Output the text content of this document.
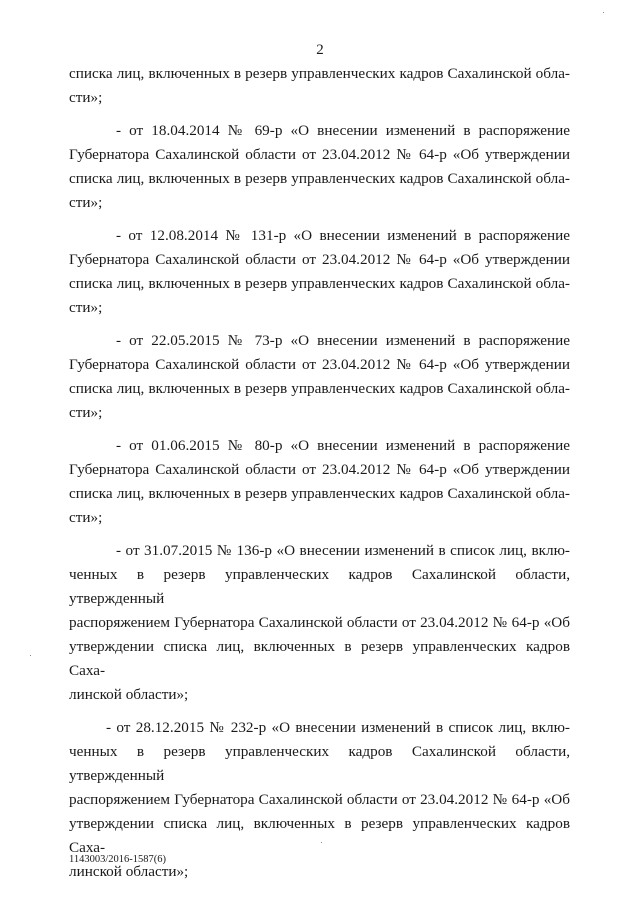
2

списка лиц, включенных в резерв управленческих кадров Сахалинской обла-
сти»;

- от 18.04.2014 № 69-р «О внесении изменений в распоряжение
Губернатора Сахалинской области от 23.04.2012 № 64-р «Об утверждении
списка лиц, включенных в резерв управленческих кадров Сахалинской обла-
сти»;

- от 12.08.2014 № 131-р «О внесении изменений в распоряжение
Губернатора Сахалинской области от 23.04.2012 № 64-р «Об утверждении
списка лиц, включенных в резерв управленческих кадров Сахалинской обла-
сти»;

- от 22.05.2015 № 73-р «О внесении изменений в распоряжение
Губернатора Сахалинской области от 23.04.2012 № 64-р «Об утверждении
списка лиц, включенных в резерв управленческих кадров Сахалинской обла-
сти»;

- от 01.06.2015 № 80-р «О внесении изменений в распоряжение
Губернатора Сахалинской области от 23.04.2012 № 64-р «Об утверждении
списка лиц, включенных в резерв управленческих кадров Сахалинской обла-
сти»;

- от 31.07.2015 № 136-р «О внесении изменений в список лиц, вклю-
ченных в резерв управленческих кадров Сахалинской области, утвержденный
распоряжением Губернатора Сахалинской области от 23.04.2012 № 64-р «Об
утверждении списка лиц, включенных в резерв управленческих кадров Саха-
линской области»;

- от 28.12.2015 № 232-р «О внесении изменений в список лиц, вклю-
ченных в резерв управленческих кадров Сахалинской области, утвержденный
распоряжением Губернатора Сахалинской области от 23.04.2012 № 64-р «Об
утверждении списка лиц, включенных в резерв управленческих кадров Саха-
линской области»;

1143003/2016-1587(6)
